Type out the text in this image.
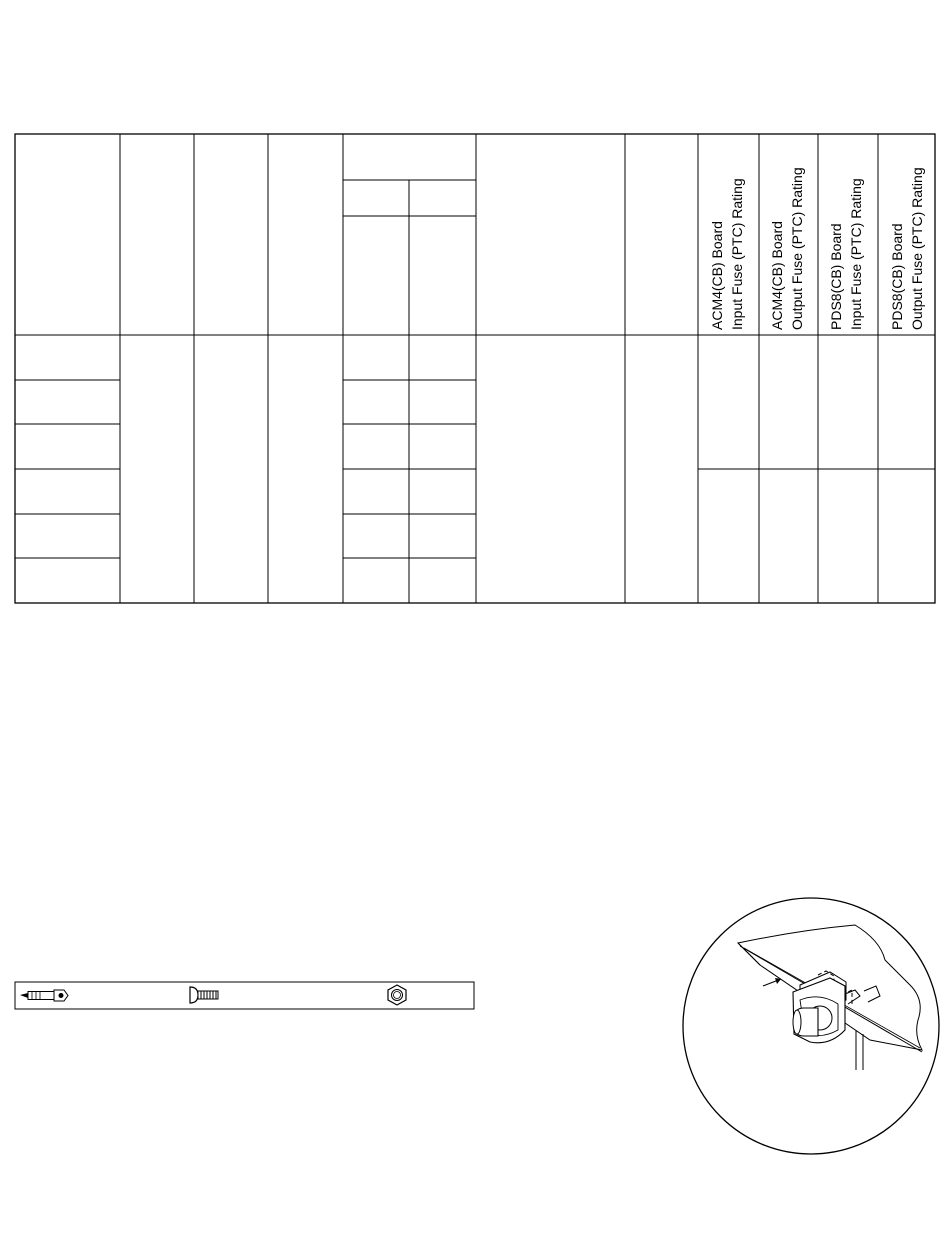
ACM4(CB) Board Input Fuse (PTC) Rating ACM4(CB) Board Output Fuse (PTC) Rating PDS8(CB) Board Input Fuse (PTC) Rating PDS8(CB) Board Output Fuse (PTC) Rating
